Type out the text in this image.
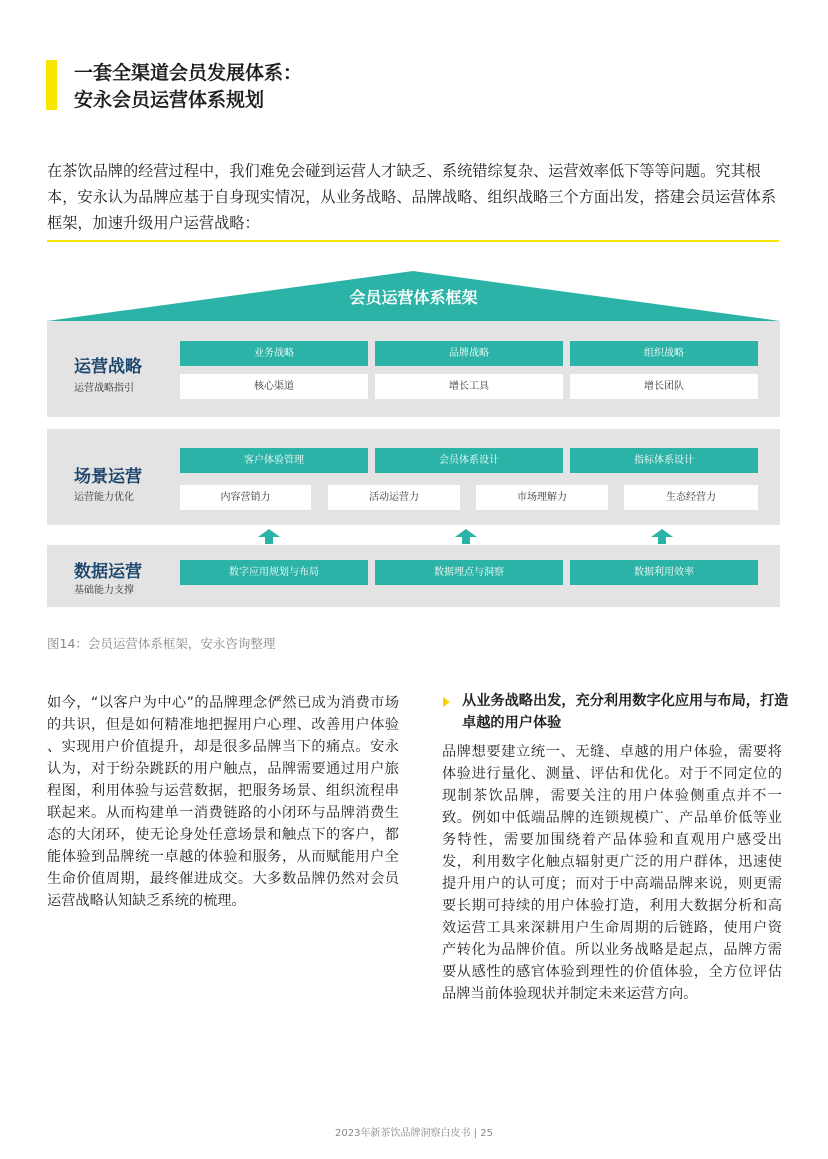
一套全渠道会员发展体系：
安永会员运营体系规划
在茶饮品牌的经营过程中，我们难免会碰到运营人才缺乏、系统错综复杂、运营效率低下等等问题。究其根本，安永认为品牌应基于自身现实情况，从业务战略、品牌战略、组织战略三个方面出发，搭建会员运营体系框架，加速升级用户运营战略：
会员运营体系框架
运营战略
运营战略指引
业务战略	品牌战略	组织战略
核心渠道	增长工具	增长团队
场景运营
运营能力优化
客户体验管理	会员体系设计	指标体系设计
内容营销力	活动运营力	市场理解力	生态经营力
数据运营
基础能力支撑
数字应用规划与布局	数据埋点与洞察	数据利用效率
图14：会员运营体系框架，安永咨询整理
如今，“以客户为中心”的品牌理念俨然已成为消费市场的共识，但是如何精准地把握用户心理、改善用户体验 、实现用户价值提升，却是很多品牌当下的痛点。安永认为，对于纷杂跳跃的用户触点，品牌需要通过用户旅程图，利用体验与运营数据，把服务场景、组织流程串联起来。从而构建单一消费链路的小闭环与品牌消费生态的大闭环，使无论身处任意场景和触点下的客户，都能体验到品牌统一卓越的体验和服务，从而赋能用户全生命价值周期，最终催进成交。大多数品牌仍然对会员运营战略认知缺乏系统的梳理。
从业务战略出发，充分利用数字化应用与布局，打造卓越的用户体验
品牌想要建立统一、无缝、卓越的用户体验，需要将体验进行量化、测量、评估和优化。对于不同定位的现制茶饮品牌，需要关注的用户体验侧重点并不一致。例如中低端品牌的连锁规模广、产品单价低等业务特性，需要加围绕着产品体验和直观用户感受出发，利用数字化触点辐射更广泛的用户群体，迅速使提升用户的认可度；而对于中高端品牌来说，则更需要长期可持续的用户体验打造，利用大数据分析和高效运营工具来深耕用户生命周期的后链路，使用户资产转化为品牌价值。所以业务战略是起点，品牌方需要从感性的感官体验到理性的价值体验，全方位评估品牌当前体验现状并制定未来运营方向。
2023年新茶饮品牌洞察白皮书 | 25
